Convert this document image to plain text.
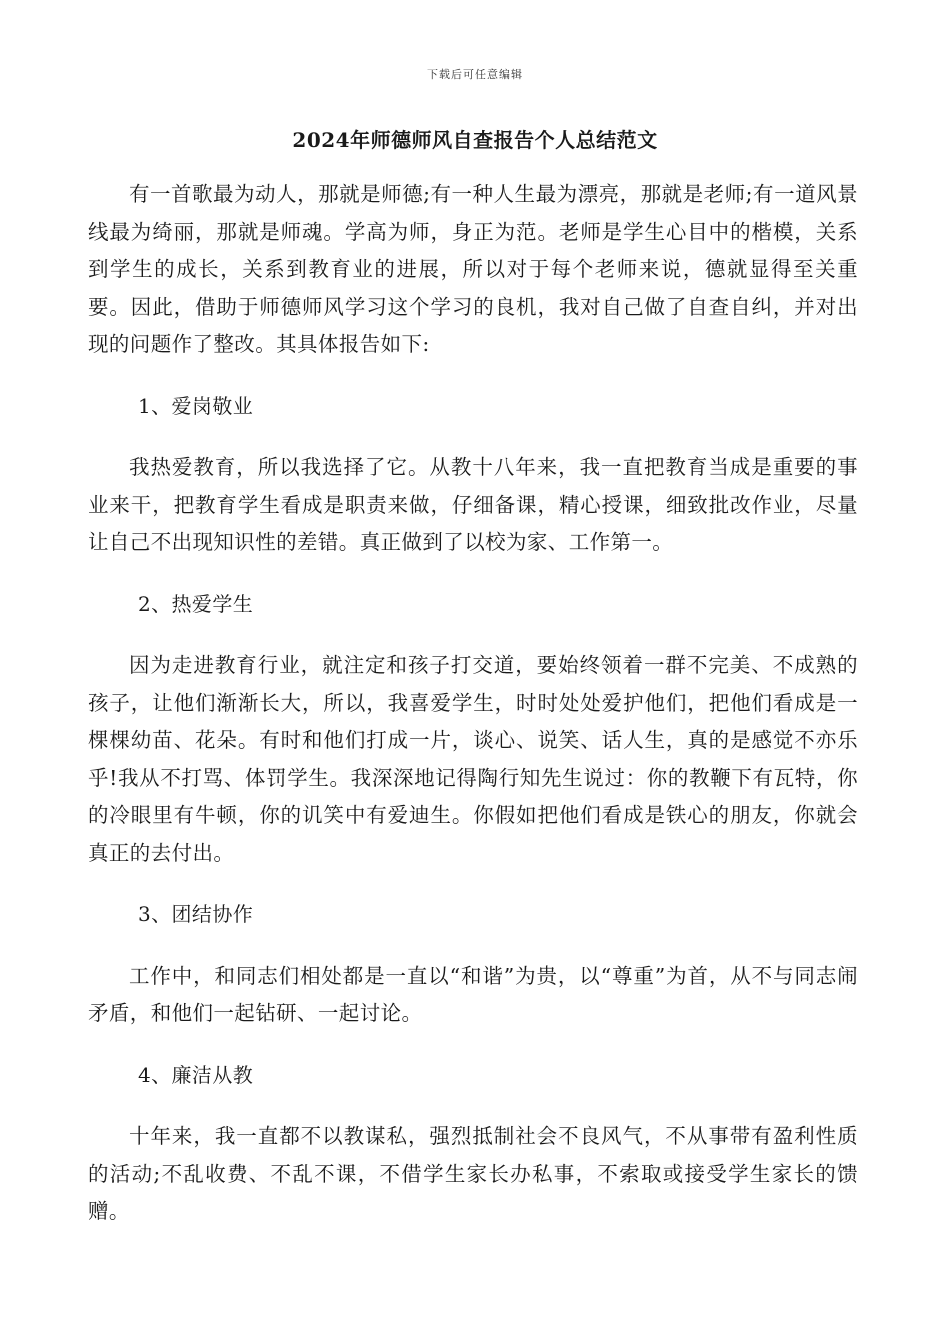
下载后可任意编辑
2024年师德师风自查报告个人总结范文

有一首歌最为动人，那就是师德;有一种人生最为漂亮，那就是老师;有一道风景线最为绮丽，那就是师魂。学高为师，身正为范。老师是学生心目中的楷模，关系到学生的成长，关系到教育业的进展，所以对于每个老师来说，德就显得至关重要。因此，借助于师德师风学习这个学习的良机，我对自己做了自查自纠，并对出现的问题作了整改。其具体报告如下:

1、爱岗敬业

我热爱教育，所以我选择了它。从教十八年来，我一直把教育当成是重要的事业来干，把教育学生看成是职责来做，仔细备课，精心授课，细致批改作业，尽量让自己不出现知识性的差错。真正做到了以校为家、工作第一。

2、热爱学生

因为走进教育行业，就注定和孩子打交道，要始终领着一群不完美、不成熟的孩子，让他们渐渐长大，所以，我喜爱学生，时时处处爱护他们，把他们看成是一棵棵幼苗、花朵。有时和他们打成一片，谈心、说笑、话人生，真的是感觉不亦乐乎!我从不打骂、体罚学生。我深深地记得陶行知先生说过：你的教鞭下有瓦特，你的冷眼里有牛顿，你的讥笑中有爱迪生。你假如把他们看成是铁心的朋友，你就会真正的去付出。

3、团结协作

工作中，和同志们相处都是一直以“和谐”为贵，以“尊重”为首，从不与同志闹矛盾，和他们一起钻研、一起讨论。

4、廉洁从教

十年来，我一直都不以教谋私，强烈抵制社会不良风气，不从事带有盈利性质的活动;不乱收费、不乱不课，不借学生家长办私事，不索取或接受学生家长的馈赠。
